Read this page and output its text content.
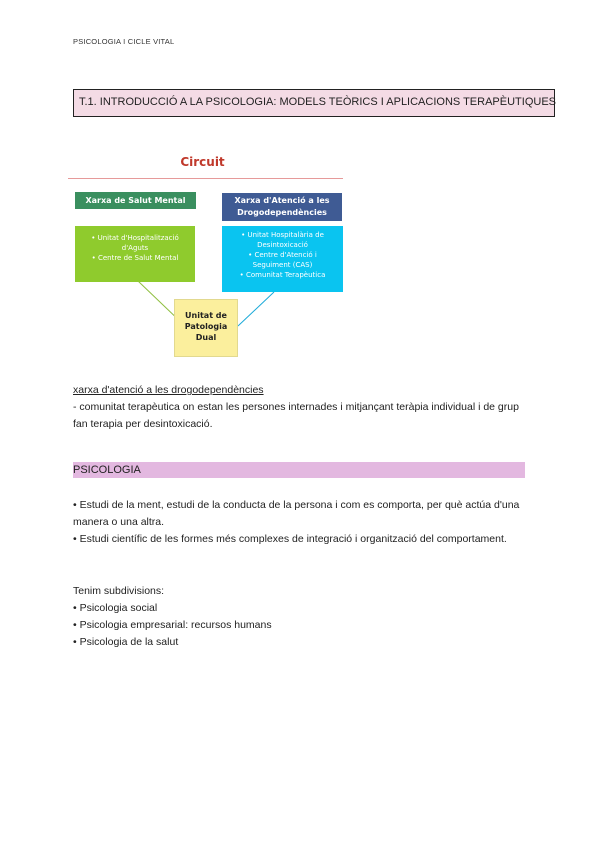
PSICOLOGIA I CICLE VITAL
T.1. INTRODUCCIÓ A LA PSICOLOGIA: MODELS TEÒRICS I APLICACIONS TERAPÈUTIQUES
Circuit
Xarxa de Salut Mental	Xarxa d'Atenció a les
Drogodependències
• Unitat d'Hospitalització
d'Aguts
• Centre de Salut Mental
• Unitat Hospitalària de
Desintoxicació
• Centre d'Atenció i
Seguiment (CAS)
• Comunitat Terapèutica
Unitat de
Patologia
Dual
xarxa d'atenció a les drogodependències
- comunitat terapèutica on estan les persones internades i mitjançant teràpia individual i de grup fan terapia per desintoxicació.
PSICOLOGIA
• Estudi de la ment, estudi de la conducta de la persona i com es comporta, per què actúa d'una manera o una altra.
• Estudi científic de les formes més complexes de integració i organització del comportament.
Tenim subdivisions:
• Psicologia social
• Psicologia empresarial: recursos humans
• Psicologia de la salut
